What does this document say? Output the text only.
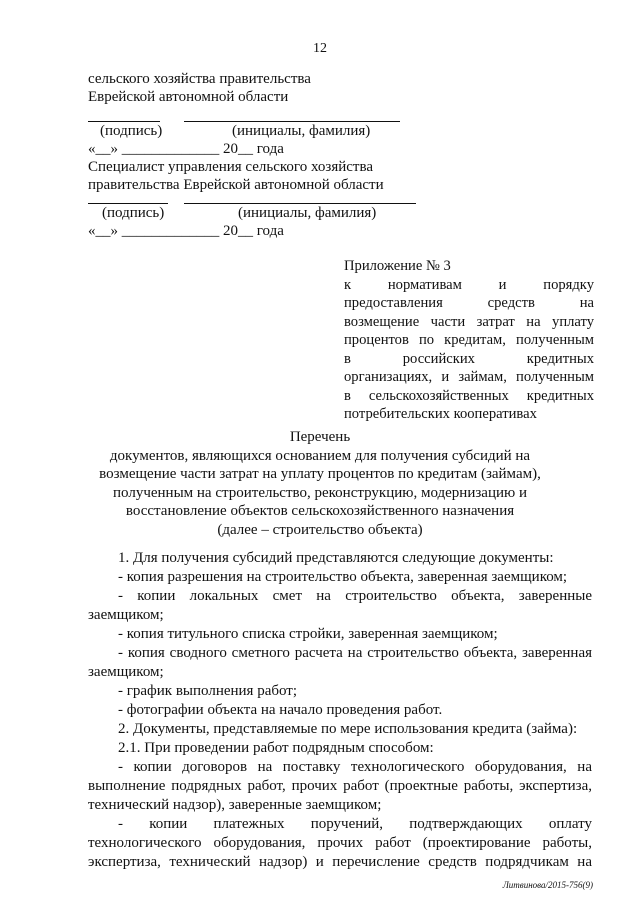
12
сельского хозяйства правительства
Еврейской автономной области
(подпись)	(инициалы, фамилия)
«__» _____________ 20__ года
Специалист управления сельского хозяйства
правительства Еврейской автономной области
(подпись)	(инициалы, фамилия)
«__» _____________ 20__ года
Приложение № 3
к нормативам и порядку
предоставления средств на
возмещение части затрат на уплату
процентов по кредитам, полученным
в российских кредитных
организациях, и займам, полученным
в сельскохозяйственных кредитных
потребительских кооперативах
Перечень
документов, являющихся основанием для получения субсидий на
возмещение части затрат на уплату процентов по кредитам (займам),
полученным на строительство, реконструкцию, модернизацию и
восстановление объектов сельскохозяйственного назначения
(далее – строительство объекта)

1. Для получения субсидий представляются следующие документы:

- копия разрешения на строительство объекта, заверенная заемщиком;

- копии локальных смет на строительство объекта, заверенные

заемщиком;

- копия титульного списка стройки, заверенная заемщиком;

- копия сводного сметного расчета на строительство объекта, заверенная

заемщиком;

- график выполнения работ;

- фотографии объекта на начало проведения работ.

2. Документы, представляемые по мере использования кредита (займа):

2.1. При проведении работ подрядным способом:

- копии договоров на поставку технологического оборудования, на

выполнение подрядных работ, прочих работ (проектные работы, экспертиза,

технический надзор), заверенные заемщиком;

- копии платежных поручений, подтверждающих оплату

технологического оборудования, прочих работ (проектирование работы,

экспертиза, технический надзор) и перечисление средств подрядчикам на

Литвинова/2015-756(9)
